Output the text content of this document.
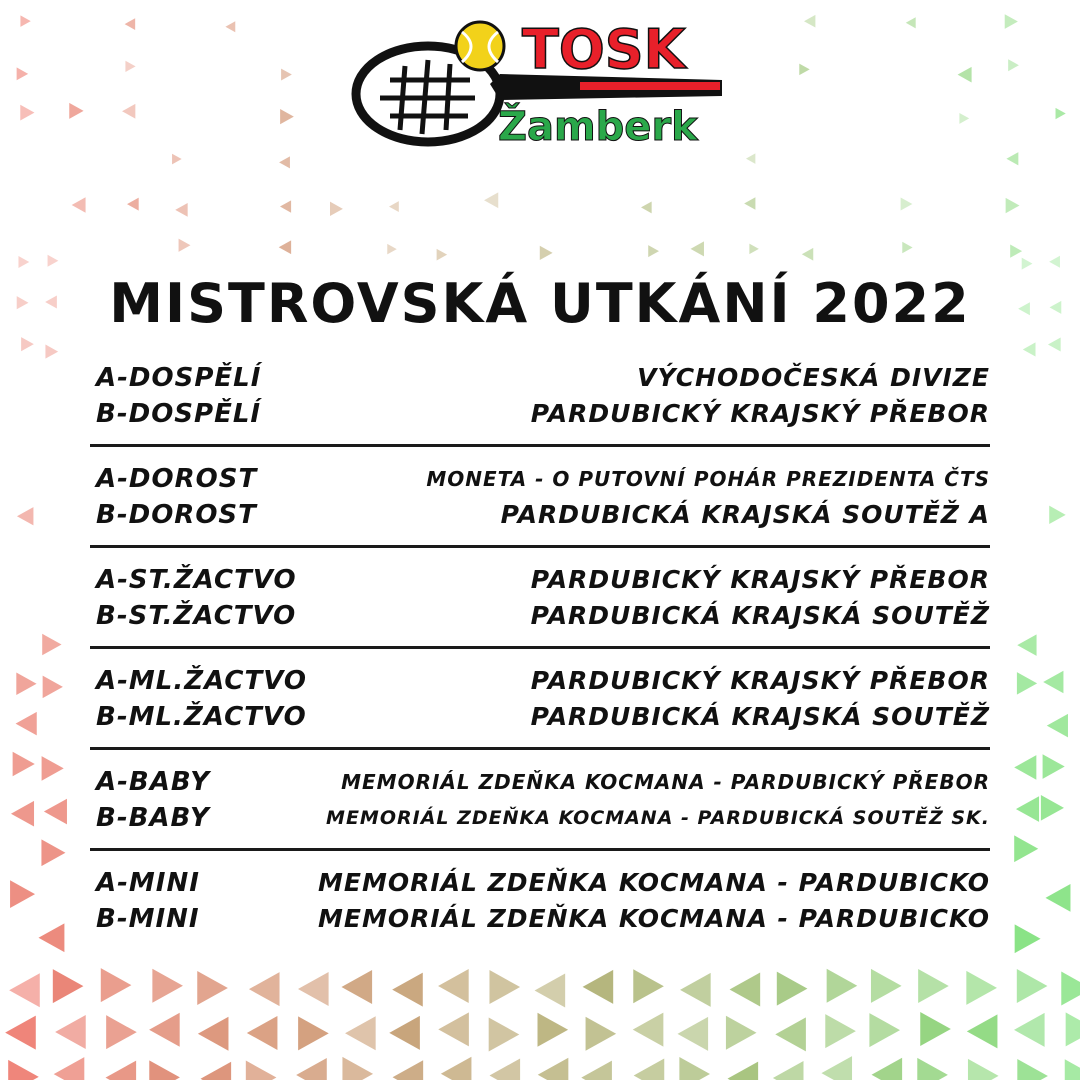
TOSK
Žamberk
MISTROVSKÁ UTKÁNÍ 2022
A-DOSPĚLÍ	VÝCHODOČESKÁ DIVIZE
B-DOSPĚLÍ	PARDUBICKÝ KRAJSKÝ PŘEBOR
A-DOROST	MONETA - O PUTOVNÍ POHÁR PREZIDENTA ČTS
B-DOROST	PARDUBICKÁ KRAJSKÁ SOUTĚŽ A
A-ST.ŽACTVO	PARDUBICKÝ KRAJSKÝ PŘEBOR
B-ST.ŽACTVO	PARDUBICKÁ KRAJSKÁ SOUTĚŽ
A-ML.ŽACTVO	PARDUBICKÝ KRAJSKÝ PŘEBOR
B-ML.ŽACTVO	PARDUBICKÁ KRAJSKÁ SOUTĚŽ
A-BABY	MEMORIÁL ZDEŇKA KOCMANA - PARDUBICKÝ PŘEBOR
B-BABY	MEMORIÁL ZDEŇKA KOCMANA - PARDUBICKÁ SOUTĚŽ SK.
A-MINI	MEMORIÁL ZDEŇKA KOCMANA - PARDUBICKO
B-MINI	MEMORIÁL ZDEŇKA KOCMANA - PARDUBICKO
